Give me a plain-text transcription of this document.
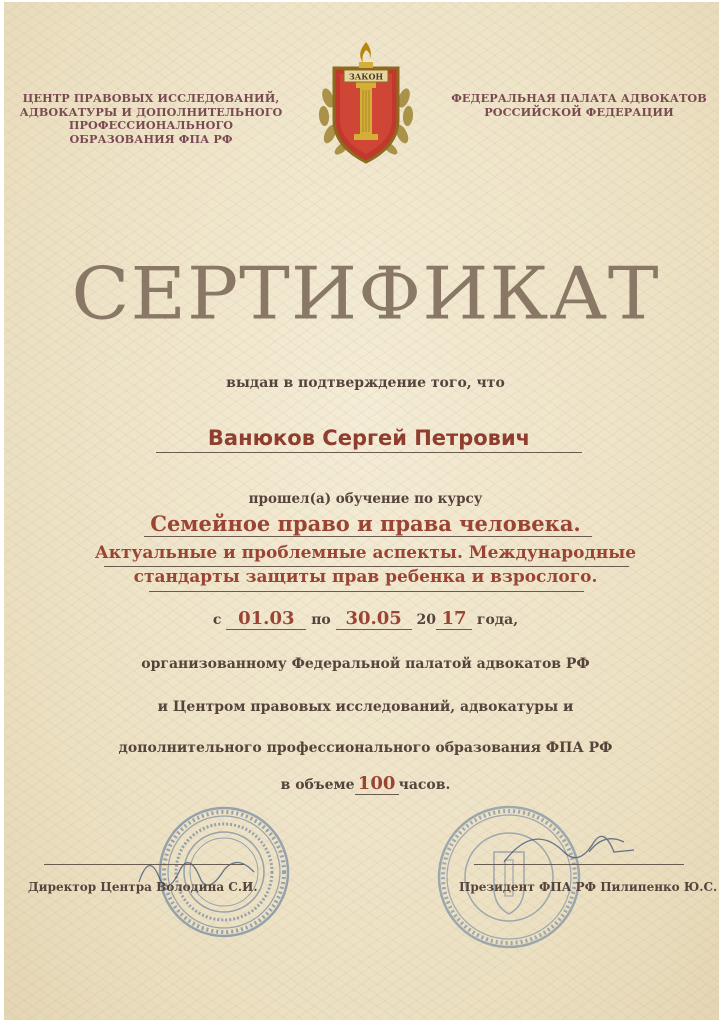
ЦЕНТР ПРАВОВЫХ ИССЛЕДОВАНИЙ,
АДВОКАТУРЫ И ДОПОЛНИТЕЛЬНОГО
ПРОФЕССИОНАЛЬНОГО
ОБРАЗОВАНИЯ ФПА РФ
ЗАКОН
ФЕДЕРАЛЬНАЯ ПАЛАТА АДВОКАТОВ
РОССИЙСКОЙ ФЕДЕРАЦИИ
СЕРТИФИКАТ
выдан в подтверждение того, что
Ванюков Сергей Петрович
прошел(а) обучение по курсу
Семейное право и права человека.
Актуальные и проблемные аспекты. Международные
стандарты защиты прав ребенка и взрослого.
с 01.03 по 30.05 20 17 года,
организованному Федеральной палатой адвокатов РФ
и Центром правовых исследований, адвокатуры и
дополнительного профессионального образования ФПА РФ
в объеме 100 часов.
Директор Центра Володина С.И.	Президент ФПА РФ Пилипенко Ю.С.
